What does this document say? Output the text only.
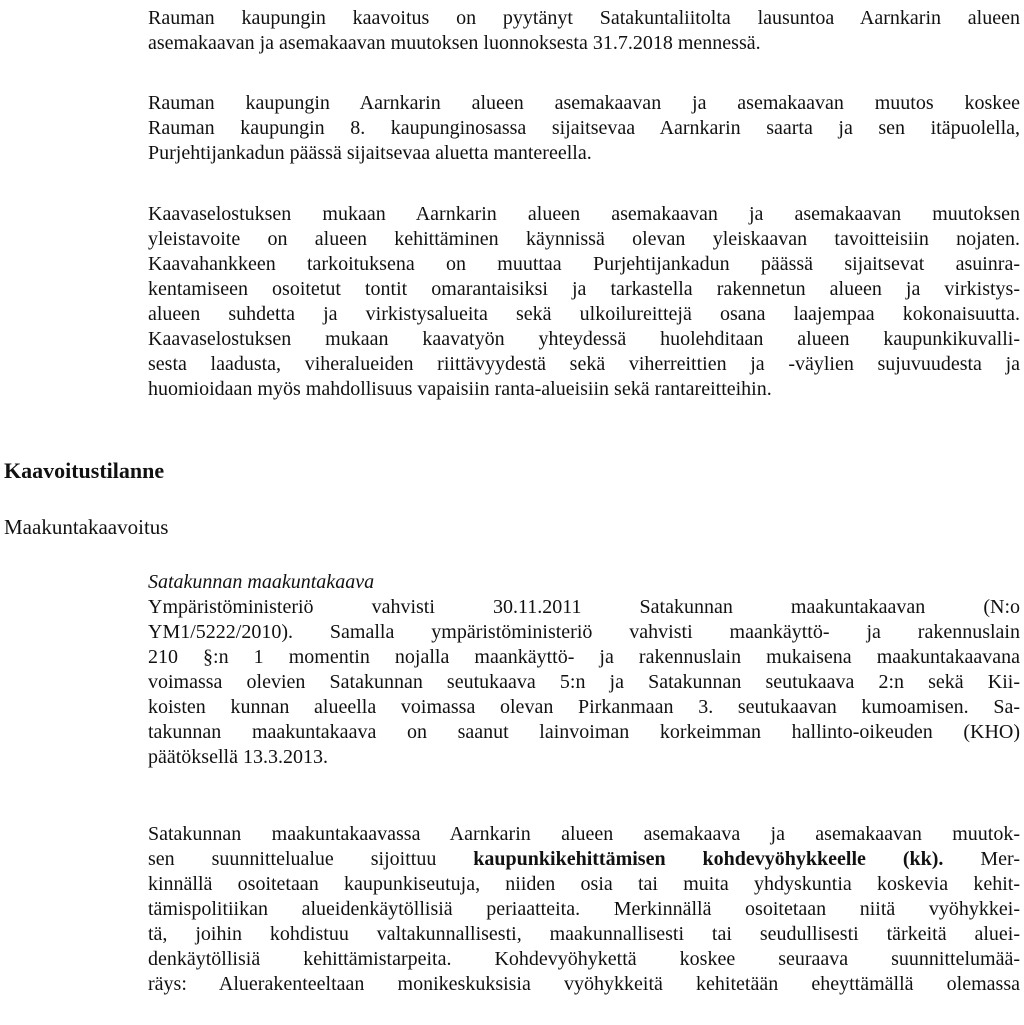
Rauman kaupungin kaavoitus on pyytänyt Satakuntaliitolta lausuntoa Aarnkarin alueen
asemakaavan ja asemakaavan muutoksen luonnoksesta 31.7.2018 mennessä.
Rauman kaupungin Aarnkarin alueen asemakaavan ja asemakaavan muutos koskee
Rauman kaupungin 8. kaupunginosassa sijaitsevaa Aarnkarin saarta ja sen itäpuolella,
Purjehtijankadun päässä sijaitsevaa aluetta mantereella.
Kaavaselostuksen mukaan Aarnkarin alueen asemakaavan ja asemakaavan muutoksen
yleistavoite on alueen kehittäminen käynnissä olevan yleiskaavan tavoitteisiin nojaten.
Kaavahankkeen tarkoituksena on muuttaa Purjehtijankadun päässä sijaitsevat asuinra-
kentamiseen osoitetut tontit omarantaisiksi ja tarkastella rakennetun alueen ja virkistys-
alueen suhdetta ja virkistysalueita sekä ulkoilureittejä osana laajempaa kokonaisuutta.
Kaavaselostuksen mukaan kaavatyön yhteydessä huolehditaan alueen kaupunkikuvalli-
sesta laadusta, viheralueiden riittävyydestä sekä viherreittien ja -väylien sujuvuudesta ja
huomioidaan myös mahdollisuus vapaisiin ranta-alueisiin sekä rantareitteihin.
Kaavoitustilanne
Maakuntakaavoitus
Satakunnan maakuntakaava
Ympäristöministeriö vahvisti 30.11.2011 Satakunnan maakuntakaavan (N:o
YM1/5222/2010). Samalla ympäristöministeriö vahvisti maankäyttö- ja rakennuslain
210 §:n 1 momentin nojalla maankäyttö- ja rakennuslain mukaisena maakuntakaavana
voimassa olevien Satakunnan seutukaava 5:n ja Satakunnan seutukaava 2:n sekä Kii-
koisten kunnan alueella voimassa olevan Pirkanmaan 3. seutukaavan kumoamisen. Sa-
takunnan maakuntakaava on saanut lainvoiman korkeimman hallinto-oikeuden (KHO)
päätöksellä 13.3.2013.
Satakunnan maakuntakaavassa Aarnkarin alueen asemakaava ja asemakaavan muutok-
sen suunnittelualue sijoittuu kaupunkikehittämisen kohdevyöhykkeelle (kk). Mer-
kinnällä osoitetaan kaupunkiseutuja, niiden osia tai muita yhdyskuntia koskevia kehit-
tämispolitiikan alueidenkäytöllisiä periaatteita. Merkinnällä osoitetaan niitä vyöhykkei-
tä, joihin kohdistuu valtakunnallisesti, maakunnallisesti tai seudullisesti tärkeitä aluei-
denkäytöllisiä kehittämistarpeita. Kohdevyöhykettä koskee seuraava suunnittelumää-
räys: Aluerakenteeltaan monikeskuksisia vyöhykkeitä kehitetään eheyttämällä olemassa
